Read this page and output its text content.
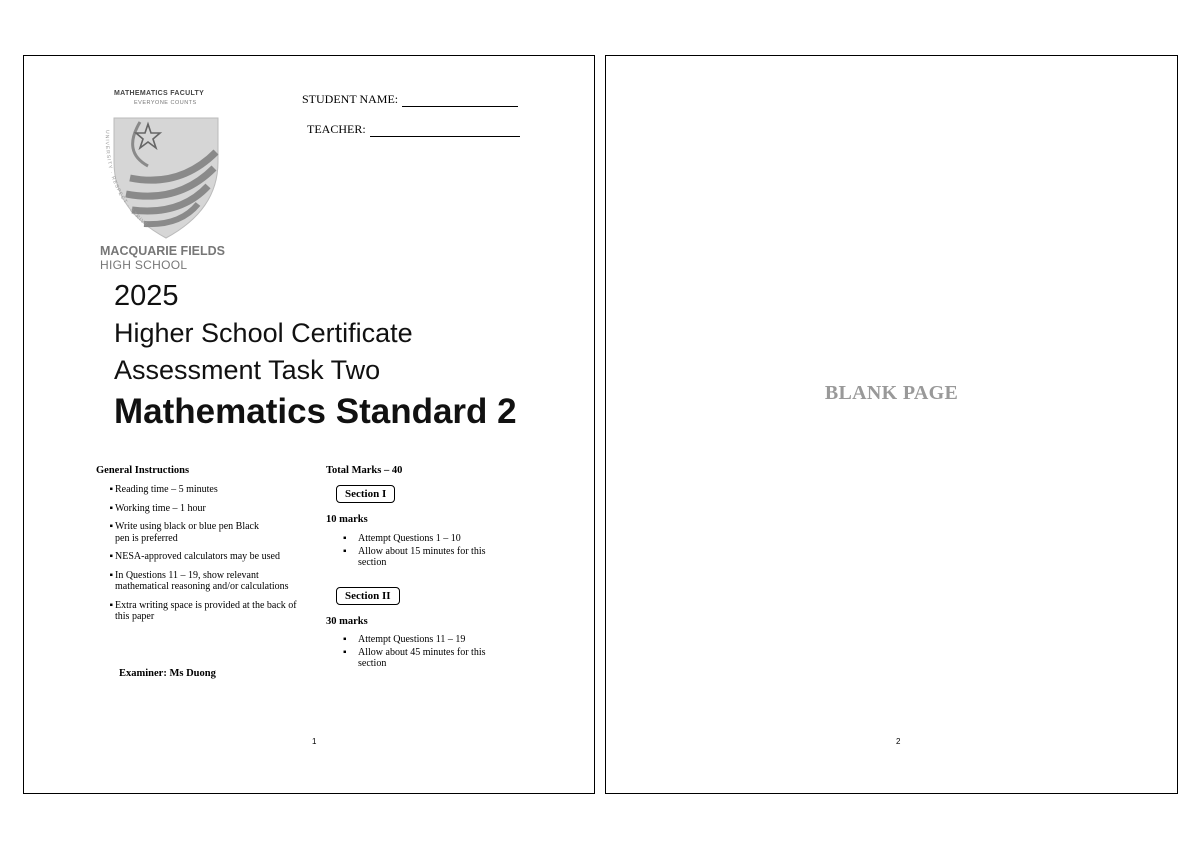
MATHEMATICS FACULTY
EVERYONE COUNTS
UNIVERSITY · RESPECT · STRIVE
MACQUARIE FIELDS
HIGH SCHOOL
STUDENT NAME:
TEACHER:
2025
Higher School Certificate
Assessment Task Two
Mathematics Standard 2
General Instructions
▪ Reading time – 5 minutes
▪ Working time – 1 hour
▪ Write using black or blue pen Black pen is preferred
▪ NESA-approved calculators may be used
▪ In Questions 11 – 19, show relevant mathematical reasoning and/or calculations
▪ Extra writing space is provided at the back of this paper
Examiner: Ms Duong
Total Marks – 40
Section I
10 marks
▪ Attempt Questions 1 – 10
▪ Allow about 15 minutes for this section
Section II
30 marks
▪ Attempt Questions 11 – 19
▪ Allow about 45 minutes for this section
1
BLANK PAGE
2
